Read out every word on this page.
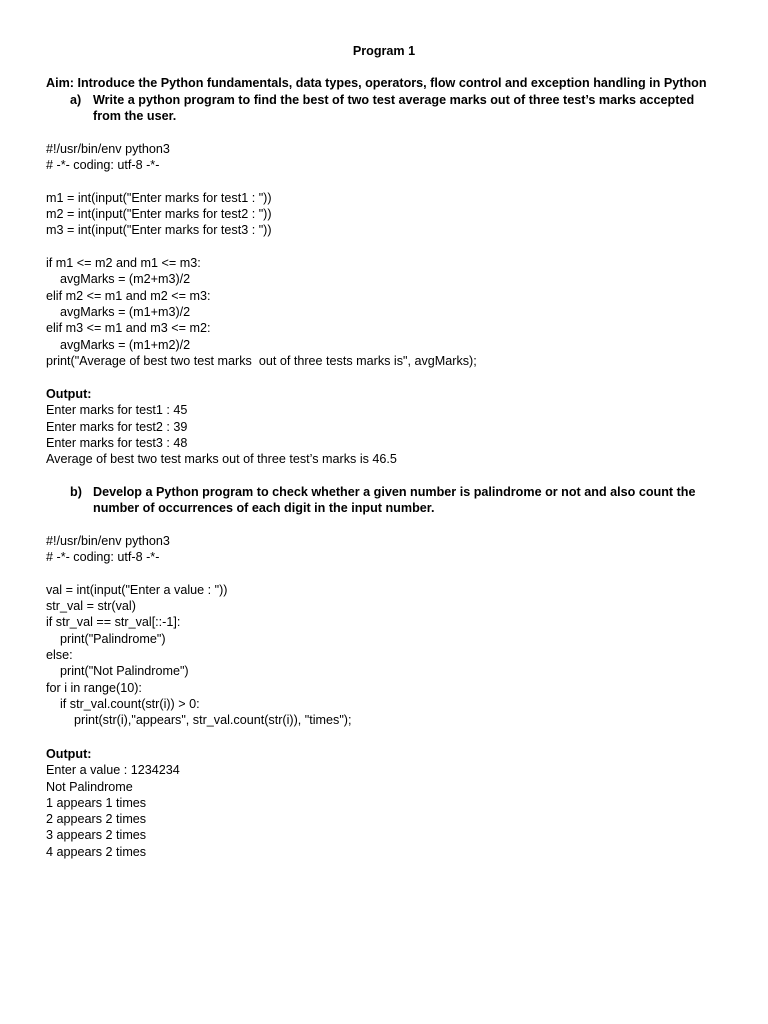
Program 1
Aim: Introduce the Python fundamentals, data types, operators, flow control and exception handling in Python
a) Write a python program to find the best of two test average marks out of three test’s marks accepted from the user.
#!/usr/bin/env python3
# -*- coding: utf-8 -*-
m1 = int(input("Enter marks for test1 : "))
m2 = int(input("Enter marks for test2 : "))
m3 = int(input("Enter marks for test3 : "))
if m1 <= m2 and m1 <= m3:
avgMarks = (m2+m3)/2
elif m2 <= m1 and m2 <= m3:
avgMarks = (m1+m3)/2
elif m3 <= m1 and m3 <= m2:
avgMarks = (m1+m2)/2
print("Average of best two test marks  out of three tests marks is", avgMarks);
Output:
Enter marks for test1 : 45
Enter marks for test2 : 39
Enter marks for test3 : 48
Average of best two test marks out of three test’s marks is 46.5
b) Develop a Python program to check whether a given number is palindrome or not and also count the number of occurrences of each digit in the input number.
#!/usr/bin/env python3
# -*- coding: utf-8 -*-
val = int(input("Enter a value : "))
str_val = str(val)
if str_val == str_val[::-1]:
print("Palindrome")
else:
print("Not Palindrome")
for i in range(10):
if str_val.count(str(i)) > 0:
print(str(i),"appears", str_val.count(str(i)), "times");
Output:
Enter a value : 1234234
Not Palindrome
1 appears 1 times
2 appears 2 times
3 appears 2 times
4 appears 2 times
